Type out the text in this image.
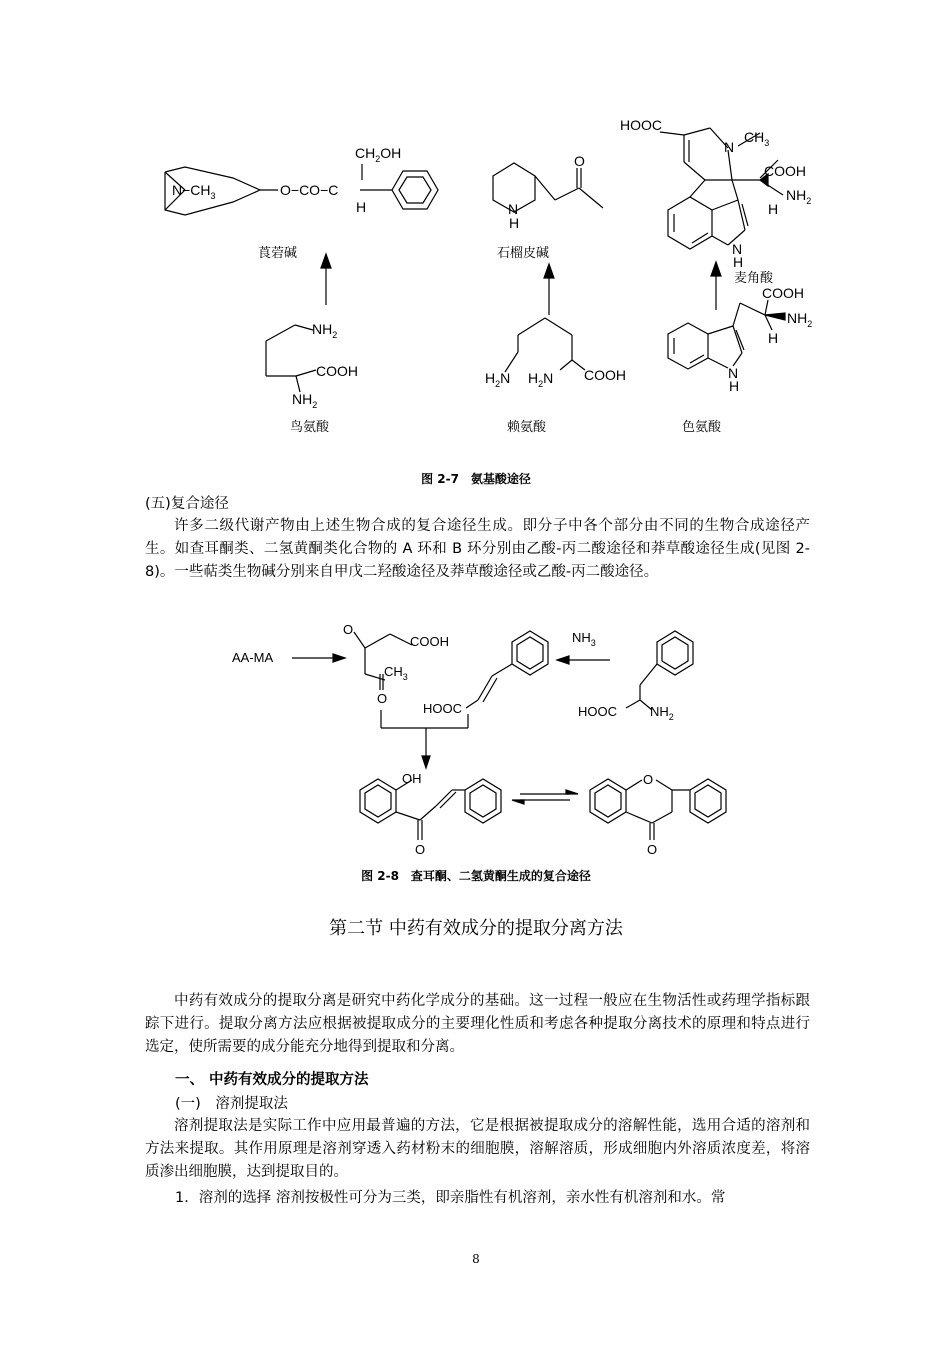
$CH_2OH$
$N-CH_3$	O−CO−C
H	N
H
O
HOOC
N
$CH_3$
COOH
$NH_2$
H
N
H
$NH_2$
COOH
$NH_2$
$H_2N$ $H_2N$ COOH
COOH
$NH_2$
H
N
H
莨菪碱	石榴皮碱
麦角酸
鸟氨酸	赖氨酸	色氨酸
AA-MA
O
COOH
$CH_3$
O
HOOC
$NH_3$
HOOC	$NH_2$
OH
O
O
O
图 2-7　氨基酸途径
(五)复合途径
许多二级代谢产物由上述生物合成的复合途径生成。即分子中各个部分由不同的生物合成途径产生。如查耳酮类、二氢黄酮类化合物的 A 环和 B 环分别由乙酸-丙二酸途径和莽草酸途径生成(见图 2-8)。一些萜类生物碱分别来自甲戊二羟酸途径及莽草酸途径或乙酸-丙二酸途径。
图 2-8　查耳酮、二氢黄酮生成的复合途径
第二节 中药有效成分的提取分离方法
中药有效成分的提取分离是研究中药化学成分的基础。这一过程一般应在生物活性或药理学指标跟踪下进行。提取分离方法应根据被提取成分的主要理化性质和考虑各种提取分离技术的原理和特点进行选定，使所需要的成分能充分地得到提取和分离。
一、 中药有效成分的提取方法
(一)　溶剂提取法
溶剂提取法是实际工作中应用最普遍的方法，它是根据被提取成分的溶解性能，选用合适的溶剂和方法来提取。其作用原理是溶剂穿透入药材粉末的细胞膜，溶解溶质，形成细胞内外溶质浓度差，将溶质渗出细胞膜，达到提取目的。
1．溶剂的选择 溶剂按极性可分为三类，即亲脂性有机溶剂，亲水性有机溶剂和水。常
8
